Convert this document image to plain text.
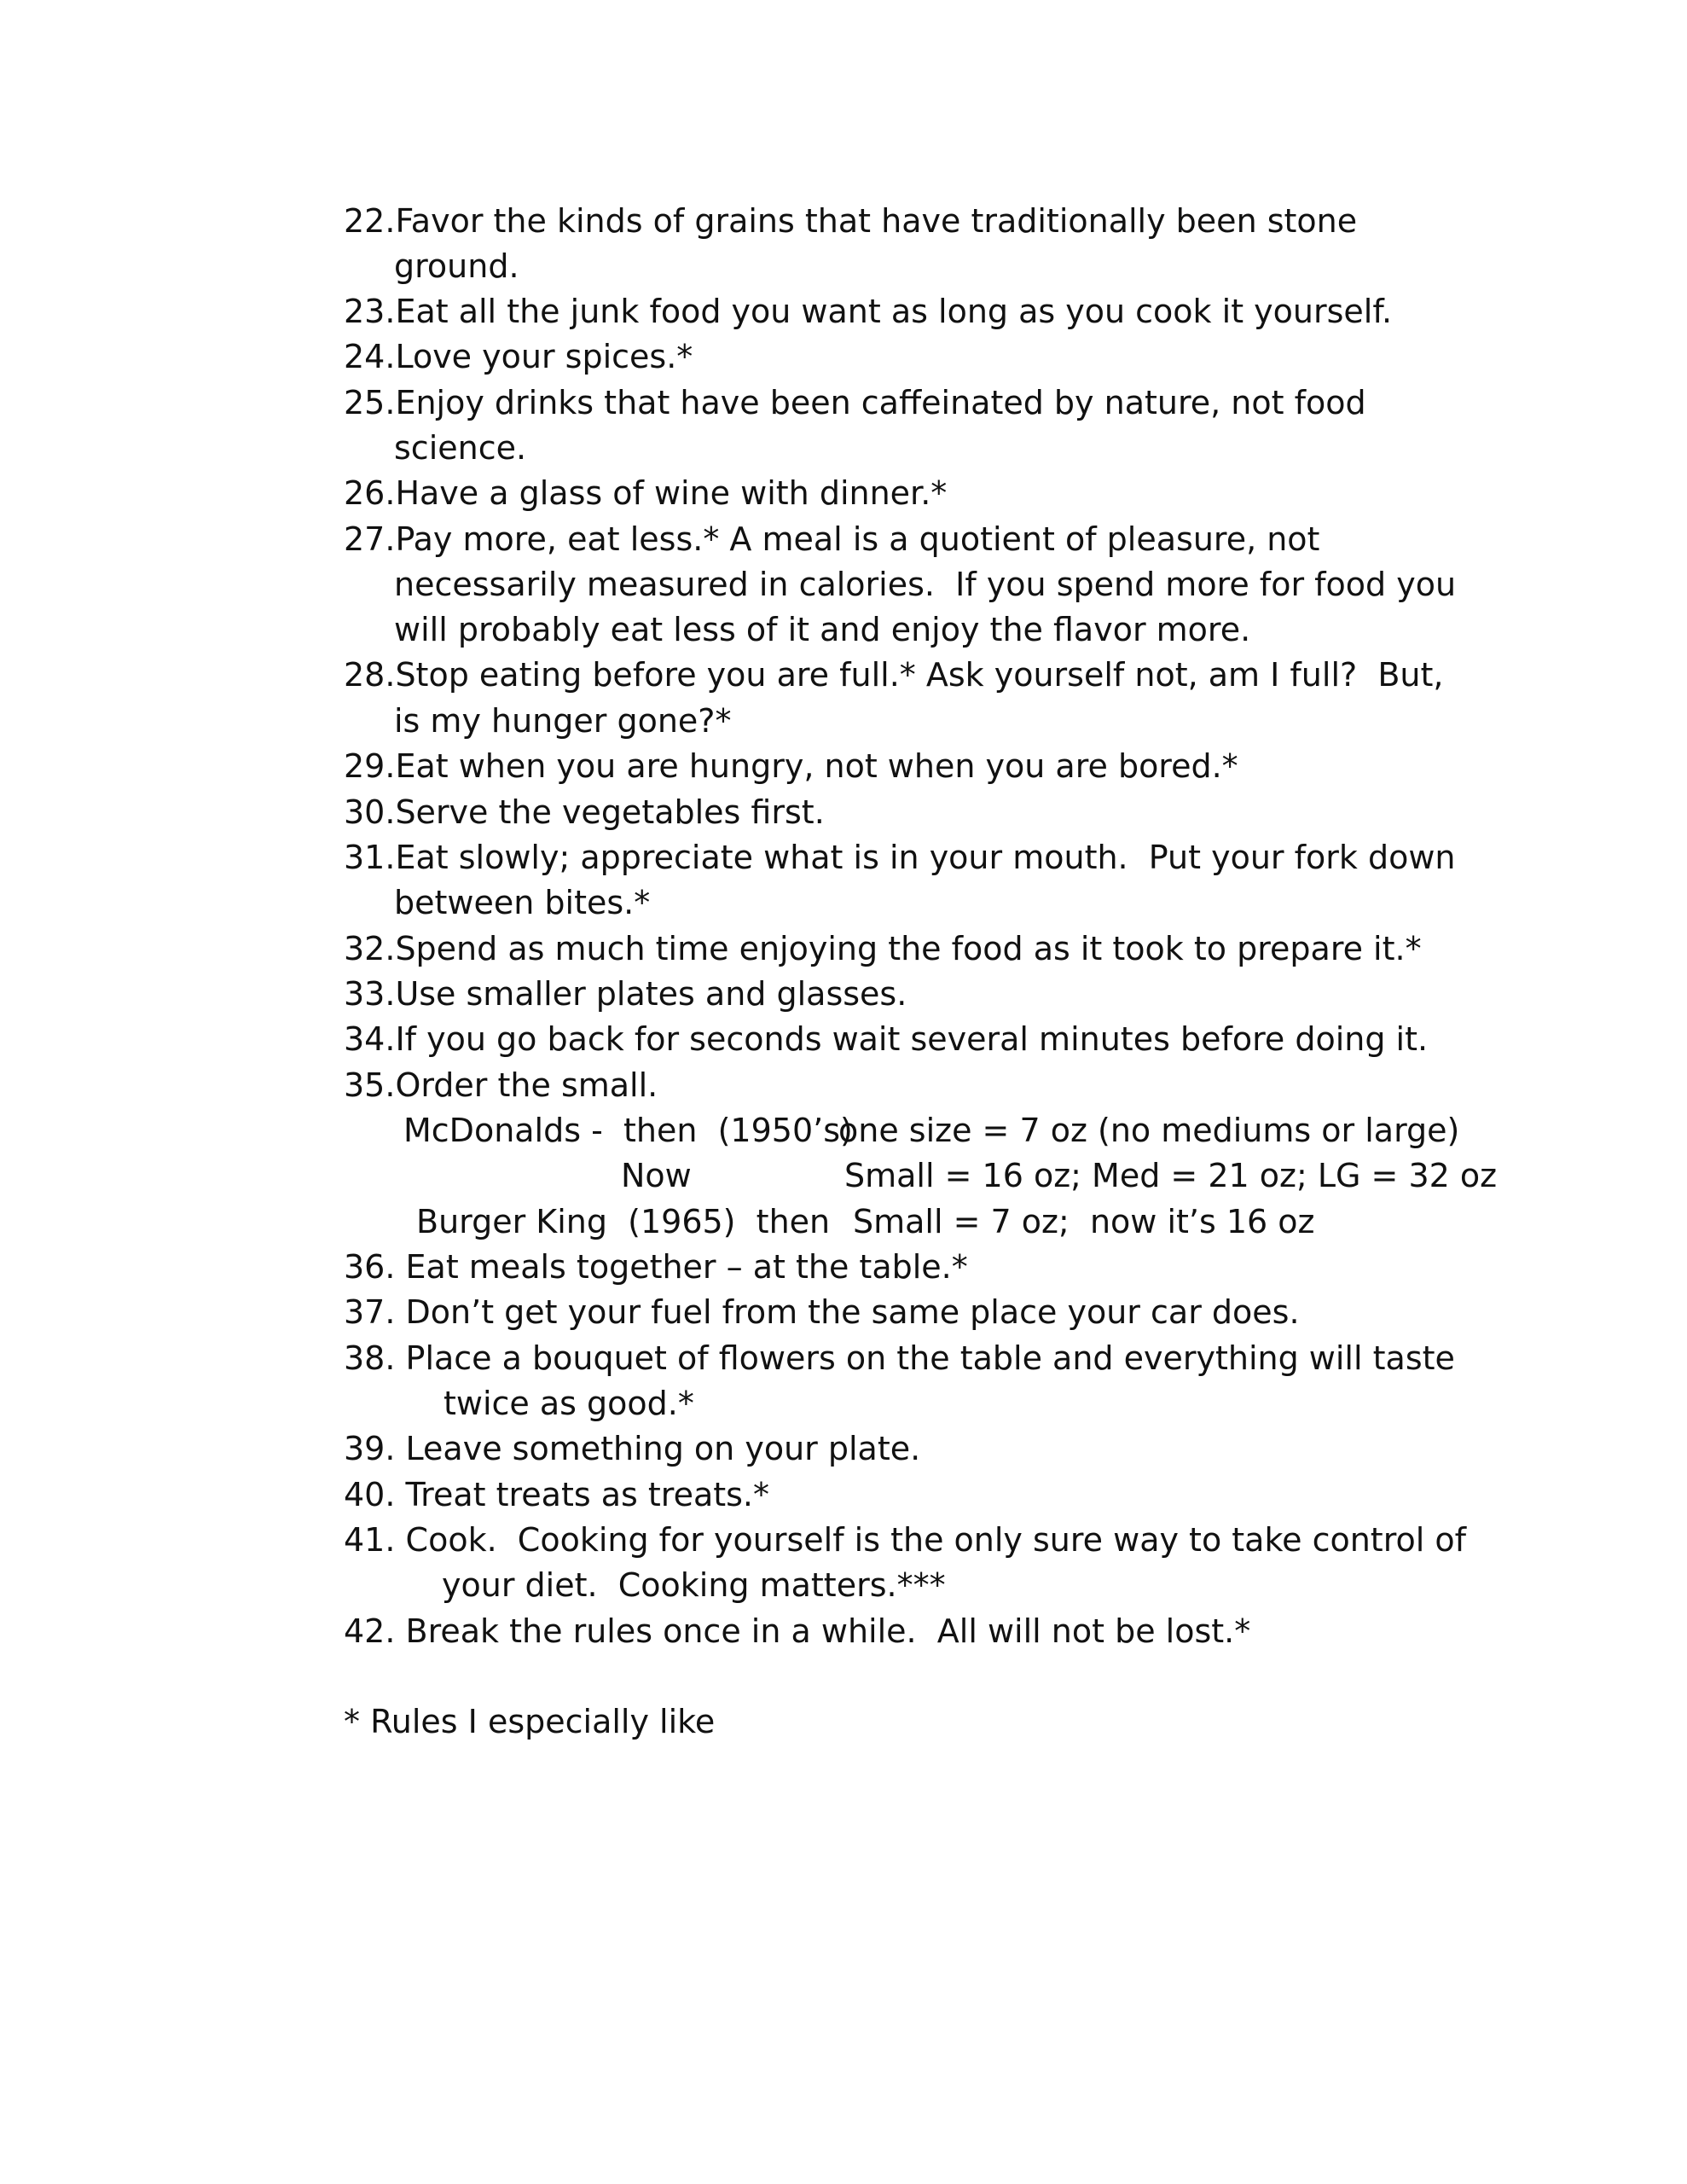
22.Favor the kinds of grains that have traditionally been stone
ground.
23.Eat all the junk food you want as long as you cook it yourself.
24.Love your spices.*
25.Enjoy drinks that have been caffeinated by nature, not food
science.
26.Have a glass of wine with dinner.*
27.Pay more, eat less.* A meal is a quotient of pleasure, not
necessarily measured in calories.  If you spend more for food you
will probably eat less of it and enjoy the flavor more.
28.Stop eating before you are full.* Ask yourself not, am I full?  But,
is my hunger gone?*
29.Eat when you are hungry, not when you are bored.*
30.Serve the vegetables first.
31.Eat slowly; appreciate what is in your mouth.  Put your fork down
between bites.*
32.Spend as much time enjoying the food as it took to prepare it.*
33.Use smaller plates and glasses.
34.If you go back for seconds wait several minutes before doing it.
35.Order the small.
McDonalds -  then  (1950’s)
one size = 7 oz (no mediums or large)
Now	Small = 16 oz; Med = 21 oz; LG = 32 oz
Burger King  (1965)  then Small = 7 oz;  now it’s 16 oz
36. Eat meals together – at the table.*
37. Don’t get your fuel from the same place your car does.
38. Place a bouquet of flowers on the table and everything will taste
twice as good.*
39. Leave something on your plate.
40. Treat treats as treats.*
41. Cook.  Cooking for yourself is the only sure way to take control of
your diet.  Cooking matters.***
42. Break the rules once in a while.  All will not be lost.*
* Rules I especially like
